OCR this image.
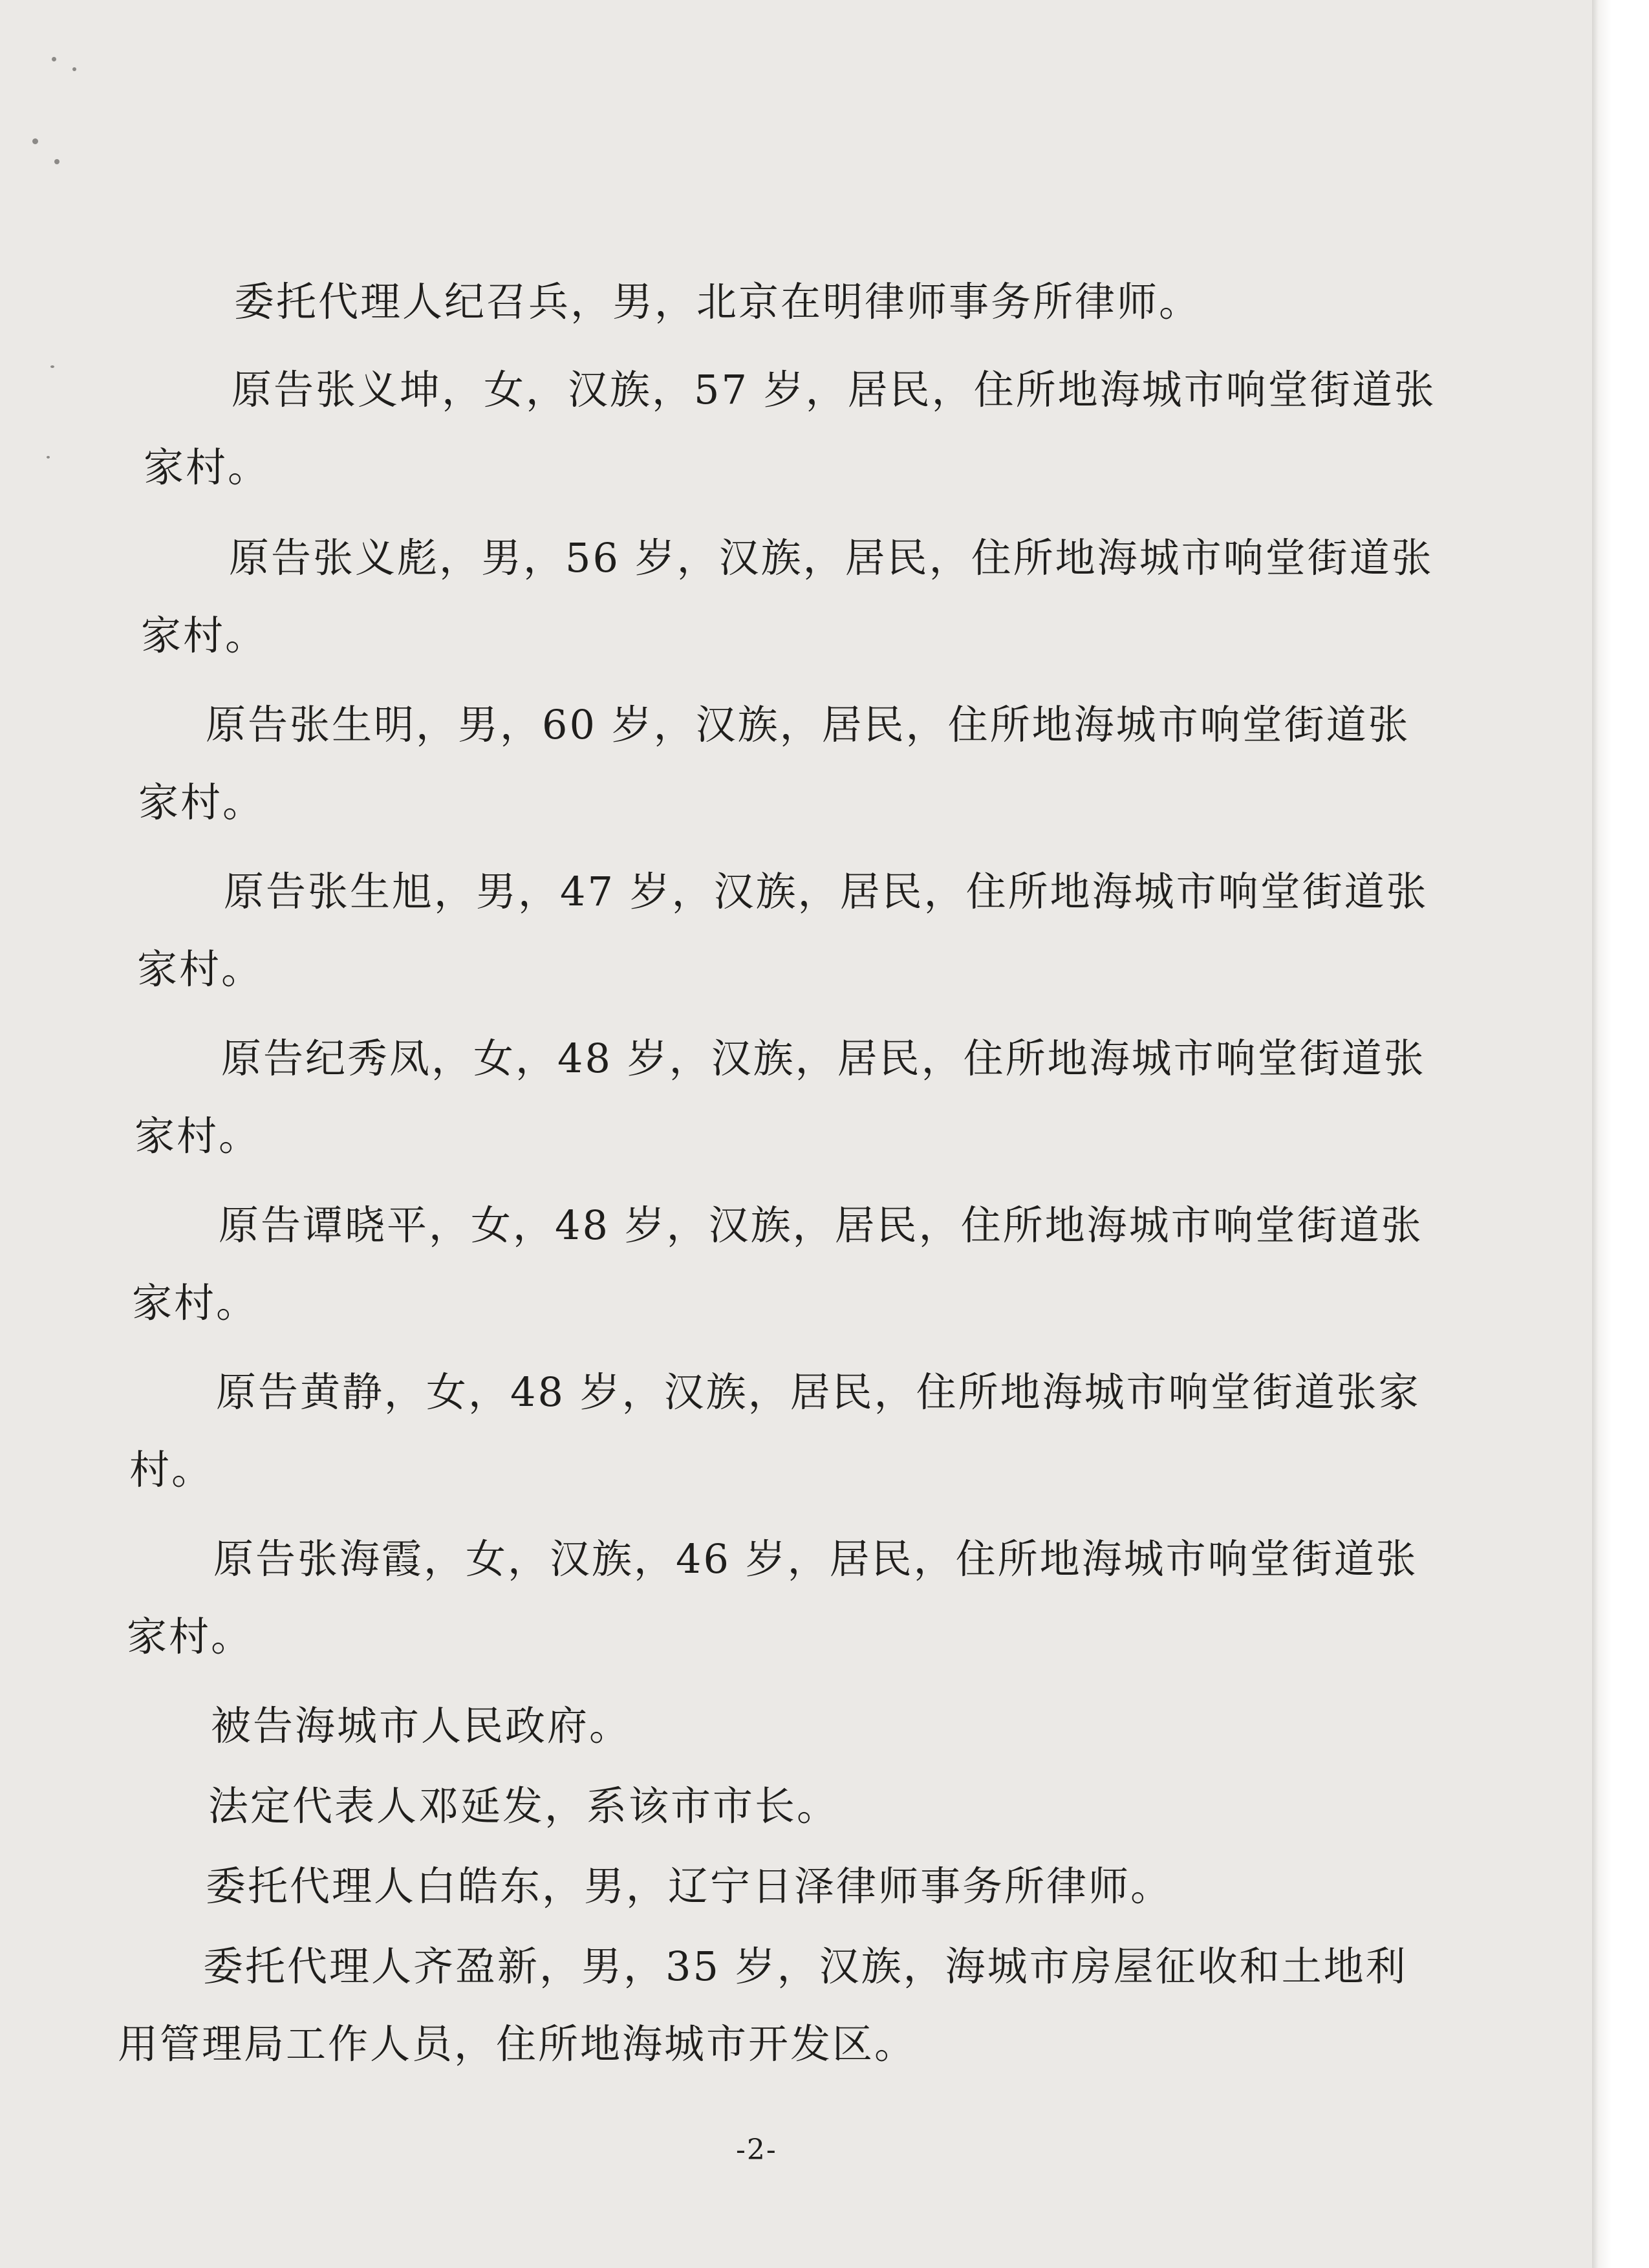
委托代理人纪召兵，男，北京在明律师事务所律师。
原告张义坤，女，汉族，57 岁，居民，住所地海城市响堂街道张
家村。
原告张义彪，男，56 岁，汉族，居民，住所地海城市响堂街道张
家村。
原告张生明，男，60 岁，汉族，居民，住所地海城市响堂街道张
家村。
原告张生旭，男，47 岁，汉族，居民，住所地海城市响堂街道张
家村。
原告纪秀凤，女，48 岁，汉族，居民，住所地海城市响堂街道张
家村。
原告谭晓平，女，48 岁，汉族，居民，住所地海城市响堂街道张
家村。
原告黄静，女，48 岁，汉族，居民，住所地海城市响堂街道张家
村。
原告张海霞，女，汉族，46 岁，居民，住所地海城市响堂街道张
家村。
被告海城市人民政府。
法定代表人邓延发，系该市市长。
委托代理人白皓东，男，辽宁日泽律师事务所律师。
委托代理人齐盈新，男，35 岁，汉族，海城市房屋征收和土地利
用管理局工作人员，住所地海城市开发区。
-2-
